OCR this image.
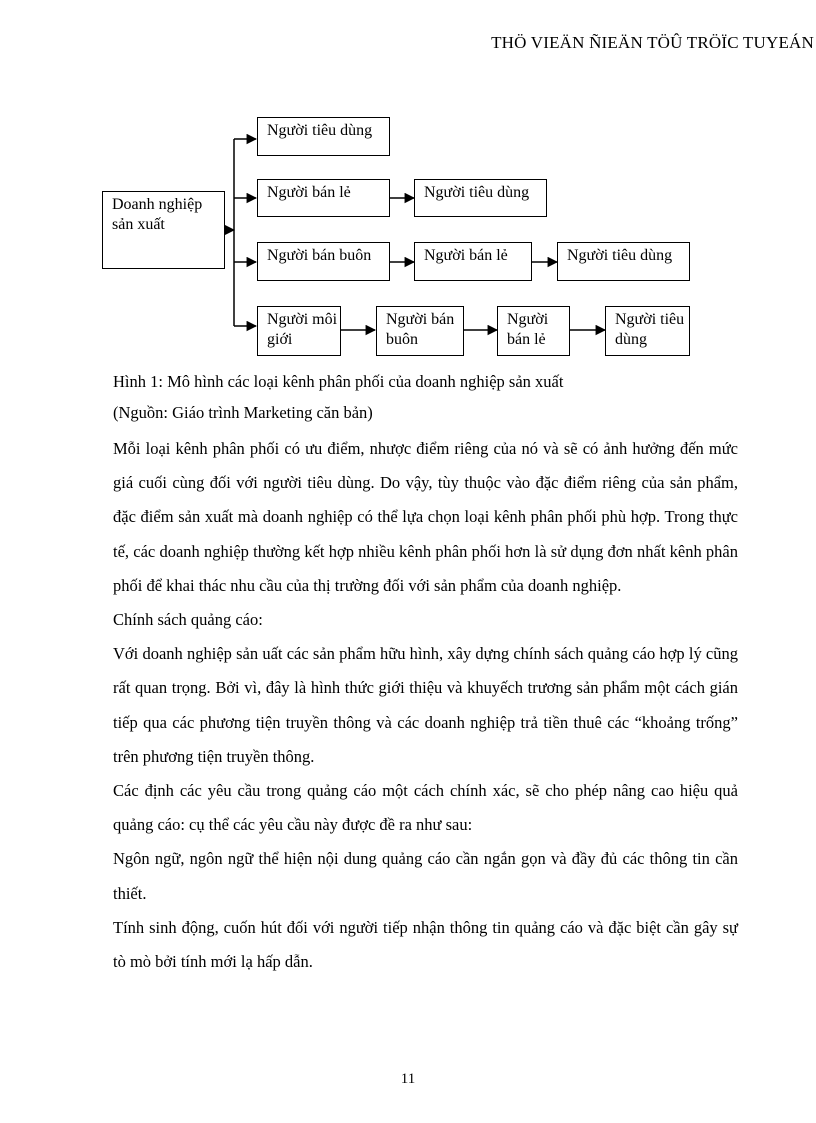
THÖ VIEÄN ÑIEÄN TÖÛ TRÖÏC TUYEÁN
Doanh nghiệp sản xuất
Người tiêu dùng
Người bán lẻ	Người tiêu dùng
Người bán buôn	Người bán lẻ	Người tiêu dùng
Người môi giới
Người bán buôn
Người bán lẻ
Người tiêu dùng
Hình 1: Mô hình các loại kênh phân phối của doanh nghiệp sản xuất
(Nguồn: Giáo trình Marketing căn bản)

Mỗi loại kênh phân phối có ưu điểm, nhược điểm riêng của nó và sẽ có ảnh hưởng đến mức giá cuối cùng đối với người tiêu dùng. Do vậy, tùy thuộc vào đặc điểm riêng của sản phẩm, đặc điểm sản xuất mà doanh nghiệp có thể lựa chọn loại kênh phân phối phù hợp. Trong thực tế, các doanh nghiệp thường kết hợp nhiều kênh phân phối hơn là sử dụng đơn nhất kênh phân phối để khai thác nhu cầu của thị trường đối với sản phẩm của doanh nghiệp.

Chính sách quảng cáo:

Với doanh nghiệp sản uất các sản phẩm hữu hình, xây dựng chính sách quảng cáo hợp lý cũng rất quan trọng. Bởi vì, đây là hình thức giới thiệu và khuyếch trương sản phẩm một cách gián tiếp qua các phương tiện truyền thông và các doanh nghiệp trả tiền thuê các “khoảng trống” trên phương tiện truyền thông.

Các định các yêu cầu trong quảng cáo một cách chính xác, sẽ cho phép nâng cao hiệu quả quảng cáo: cụ thể các yêu cầu này được đề ra như sau:

Ngôn ngữ, ngôn ngữ thể hiện nội dung quảng cáo cần ngắn gọn và đầy đủ các thông tin cần thiết.

Tính sinh động, cuốn hút đối với người tiếp nhận thông tin quảng cáo và đặc biệt cần gây sự tò mò bởi tính mới lạ hấp dẫn.

11
